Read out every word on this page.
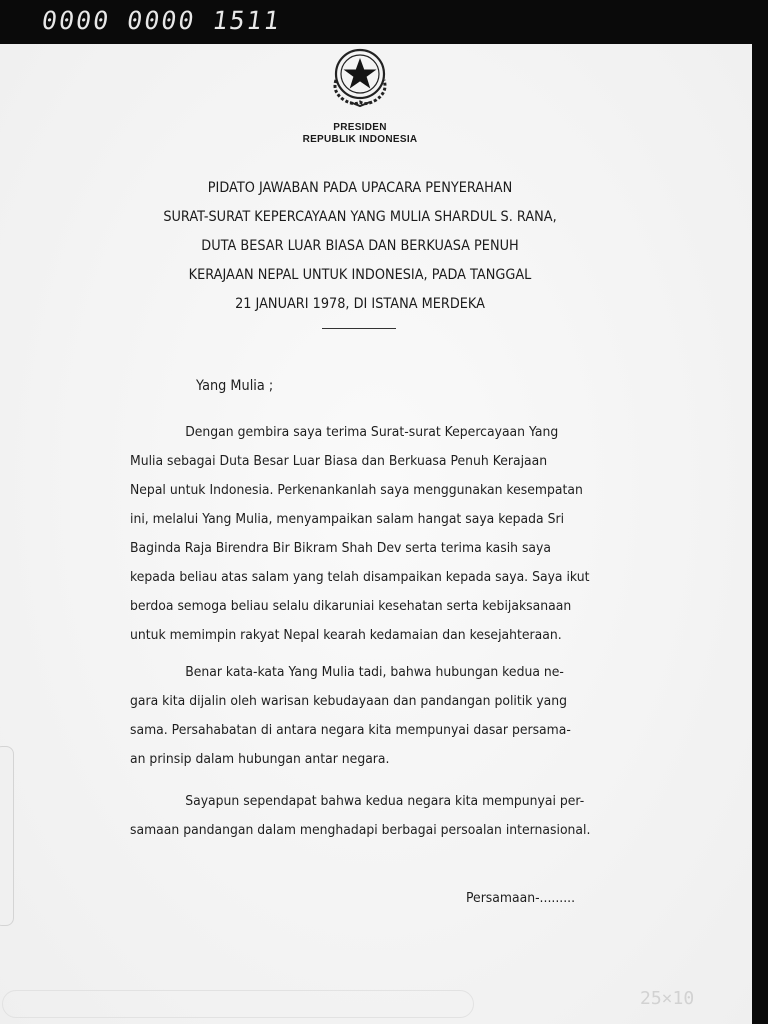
0000 0000 1511
25×10
PRESIDEN
REPUBLIK INDONESIA
PIDATO JAWABAN PADA UPACARA PENYERAHAN
SURAT-SURAT KEPERCAYAAN YANG MULIA SHARDUL S. RANA,
DUTA BESAR LUAR BIASA DAN BERKUASA PENUH
KERAJAAN NEPAL UNTUK INDONESIA, PADA TANGGAL
21 JANUARI 1978, DI ISTANA MERDEKA
Yang Mulia ;
Dengan gembira saya terima Surat-surat Kepercayaan Yang
Mulia sebagai Duta Besar Luar Biasa dan Berkuasa Penuh Kerajaan
Nepal untuk Indonesia. Perkenankanlah saya menggunakan kesempatan
ini, melalui Yang Mulia, menyampaikan salam hangat saya kepada Sri
Baginda Raja Birendra Bir Bikram Shah Dev serta terima kasih saya
kepada beliau atas salam yang telah disampaikan kepada saya. Saya ikut
berdoa semoga beliau selalu dikaruniai kesehatan serta kebijaksanaan
untuk memimpin rakyat Nepal kearah kedamaian dan kesejahteraan.
Benar kata-kata Yang Mulia tadi, bahwa hubungan kedua ne-
gara kita dijalin oleh warisan kebudayaan dan pandangan politik yang
sama. Persahabatan di antara negara kita mempunyai dasar persama-
an prinsip dalam hubungan antar negara.
Sayapun sependapat bahwa kedua negara kita mempunyai per-
samaan pandangan dalam menghadapi berbagai persoalan internasional.
Persamaan-.........
